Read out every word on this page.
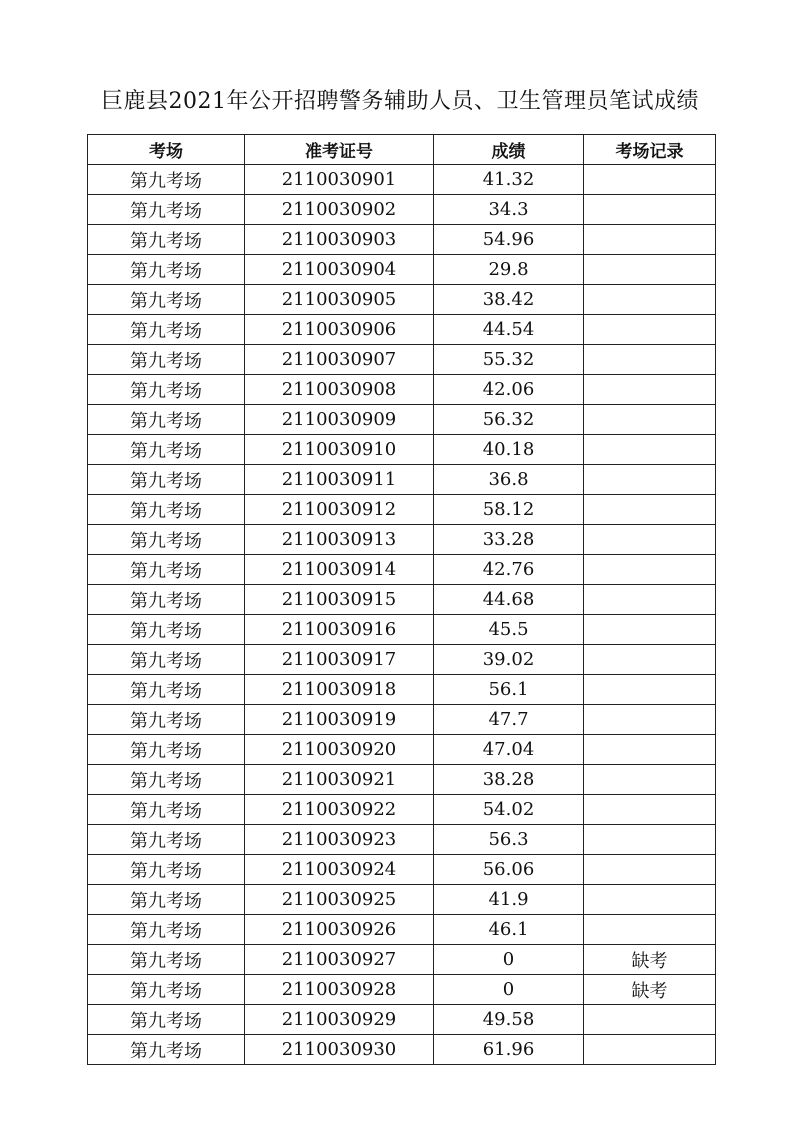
巨鹿县2021年公开招聘警务辅助人员、卫生管理员笔试成绩
考场	准考证号	成绩	考场记录
第九考场	2110030901	41.32	
第九考场	2110030902	34.3	
第九考场	2110030903	54.96	
第九考场	2110030904	29.8	
第九考场	2110030905	38.42	
第九考场	2110030906	44.54	
第九考场	2110030907	55.32	
第九考场	2110030908	42.06	
第九考场	2110030909	56.32	
第九考场	2110030910	40.18	
第九考场	2110030911	36.8	
第九考场	2110030912	58.12	
第九考场	2110030913	33.28	
第九考场	2110030914	42.76	
第九考场	2110030915	44.68	
第九考场	2110030916	45.5	
第九考场	2110030917	39.02	
第九考场	2110030918	56.1	
第九考场	2110030919	47.7	
第九考场	2110030920	47.04	
第九考场	2110030921	38.28	
第九考场	2110030922	54.02	
第九考场	2110030923	56.3	
第九考场	2110030924	56.06	
第九考场	2110030925	41.9	
第九考场	2110030926	46.1	
第九考场	2110030927	0	缺考
第九考场	2110030928	0	缺考
第九考场	2110030929	49.58	
第九考场	2110030930	61.96	
